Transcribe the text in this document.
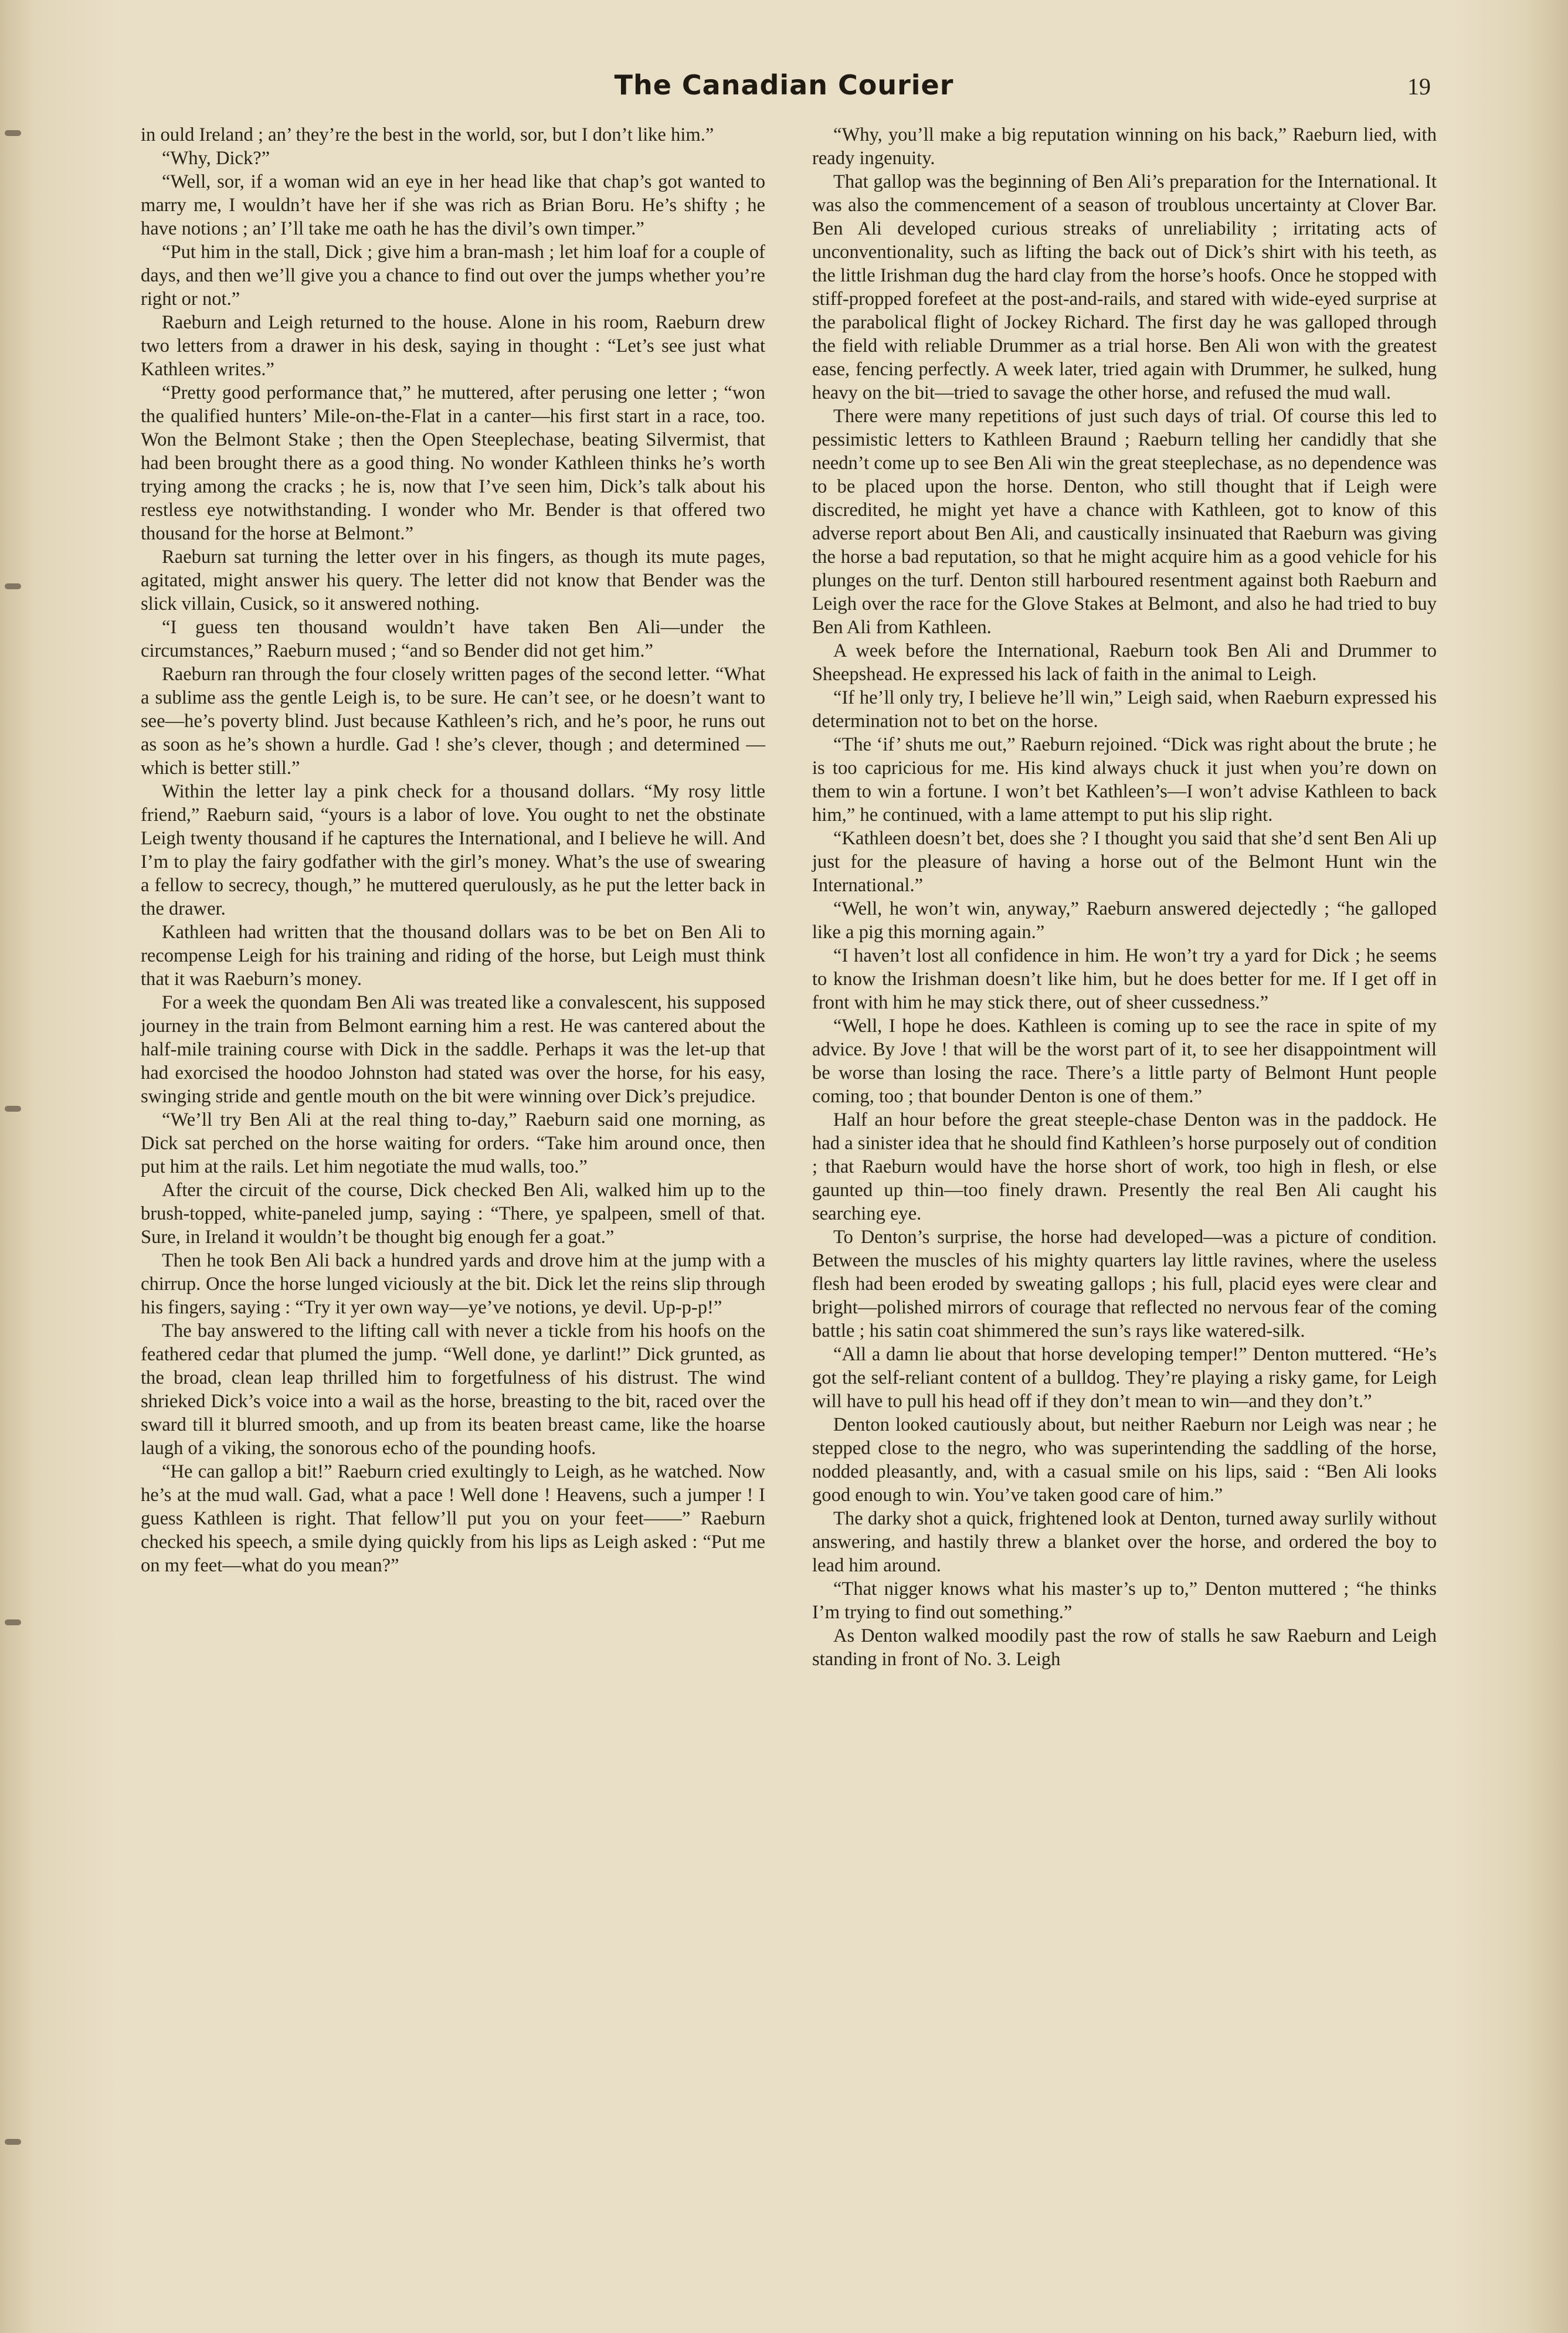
The Canadian Courier	19

in ould Ireland ; an’ they’re the best in the world, sor, but I don’t like him.”

“Why, Dick?”

“Well, sor, if a woman wid an eye in her head like that chap’s got wanted to marry me, I wouldn’t have her if she was rich as Brian Boru. He’s shifty ; he have notions ; an’ I’ll take me oath he has the divil’s own timper.”

“Put him in the stall, Dick ; give him a bran-mash ; let him loaf for a couple of days, and then we’ll give you a chance to find out over the jumps whether you’re right or not.”

Raeburn and Leigh returned to the house. Alone in his room, Raeburn drew two letters from a drawer in his desk, saying in thought : “Let’s see just what Kathleen writes.”

“Pretty good performance that,” he muttered, after perusing one letter ; “won the qualified hunters’ Mile-on-the-Flat in a canter—his first start in a race, too. Won the Belmont Stake ; then the Open Steeplechase, beating Silvermist, that had been brought there as a good thing. No wonder Kathleen thinks he’s worth trying among the cracks ; he is, now that I’ve seen him, Dick’s talk about his restless eye notwithstanding. I wonder who Mr. Bender is that offered two thousand for the horse at Belmont.”

Raeburn sat turning the letter over in his fingers, as though its mute pages, agitated, might answer his query. The letter did not know that Bender was the slick villain, Cusick, so it answered nothing.

“I guess ten thousand wouldn’t have taken Ben Ali—under the circumstances,” Raeburn mused ; “and so Bender did not get him.”

Raeburn ran through the four closely written pages of the second letter. “What a sublime ass the gentle Leigh is, to be sure. He can’t see, or he doesn’t want to see—he’s poverty blind. Just because Kathleen’s rich, and he’s poor, he runs out as soon as he’s shown a hurdle. Gad ! she’s clever, though ; and determined —which is better still.”

Within the letter lay a pink check for a thousand dollars. “My rosy little friend,” Raeburn said, “yours is a labor of love. You ought to net the obstinate Leigh twenty thousand if he captures the International, and I believe he will. And I’m to play the fairy godfather with the girl’s money. What’s the use of swearing a fellow to secrecy, though,” he muttered querulously, as he put the letter back in the drawer.

Kathleen had written that the thousand dollars was to be bet on Ben Ali to recompense Leigh for his training and riding of the horse, but Leigh must think that it was Raeburn’s money.

For a week the quondam Ben Ali was treated like a convalescent, his supposed journey in the train from Belmont earning him a rest. He was cantered about the half-mile training course with Dick in the saddle. Perhaps it was the let-up that had exorcised the hoodoo Johnston had stated was over the horse, for his easy, swinging stride and gentle mouth on the bit were winning over Dick’s prejudice.

“We’ll try Ben Ali at the real thing to-day,” Raeburn said one morning, as Dick sat perched on the horse waiting for orders. “Take him around once, then put him at the rails. Let him negotiate the mud walls, too.”

After the circuit of the course, Dick checked Ben Ali, walked him up to the brush-topped, white-paneled jump, saying : “There, ye spalpeen, smell of that. Sure, in Ireland it wouldn’t be thought big enough fer a goat.”

Then he took Ben Ali back a hundred yards and drove him at the jump with a chirrup. Once the horse lunged viciously at the bit. Dick let the reins slip through his fingers, saying : “Try it yer own way—ye’ve notions, ye devil. Up-p-p!”

The bay answered to the lifting call with never a tickle from his hoofs on the feathered cedar that plumed the jump. “Well done, ye darlint!” Dick grunted, as the broad, clean leap thrilled him to forgetfulness of his distrust. The wind shrieked Dick’s voice into a wail as the horse, breasting to the bit, raced over the sward till it blurred smooth, and up from its beaten breast came, like the hoarse laugh of a viking, the sonorous echo of the pounding hoofs.

“He can gallop a bit!” Raeburn cried exultingly to Leigh, as he watched. Now he’s at the mud wall. Gad, what a pace ! Well done ! Heavens, such a jumper ! I guess Kathleen is right. That fellow’ll put you on your feet——” Raeburn checked his speech, a smile dying quickly from his lips as Leigh asked : “Put me on my feet—what do you mean?”

“Why, you’ll make a big reputation winning on his back,” Raeburn lied, with ready ingenuity.

That gallop was the beginning of Ben Ali’s preparation for the International. It was also the commencement of a season of troublous uncertainty at Clover Bar. Ben Ali developed curious streaks of unreliability ; irritating acts of unconventionality, such as lifting the back out of Dick’s shirt with his teeth, as the little Irishman dug the hard clay from the horse’s hoofs. Once he stopped with stiff-propped forefeet at the post-and-rails, and stared with wide-eyed surprise at the parabolical flight of Jockey Richard. The first day he was galloped through the field with reliable Drummer as a trial horse. Ben Ali won with the greatest ease, fencing perfectly. A week later, tried again with Drummer, he sulked, hung heavy on the bit—tried to savage the other horse, and refused the mud wall.

There were many repetitions of just such days of trial. Of course this led to pessimistic letters to Kathleen Braund ; Raeburn telling her candidly that she needn’t come up to see Ben Ali win the great steeplechase, as no dependence was to be placed upon the horse. Denton, who still thought that if Leigh were discredited, he might yet have a chance with Kathleen, got to know of this adverse report about Ben Ali, and caustically insinuated that Raeburn was giving the horse a bad reputation, so that he might acquire him as a good vehicle for his plunges on the turf. Denton still harboured resentment against both Raeburn and Leigh over the race for the Glove Stakes at Belmont, and also he had tried to buy Ben Ali from Kathleen.

A week before the International, Raeburn took Ben Ali and Drummer to Sheepshead. He expressed his lack of faith in the animal to Leigh.

“If he’ll only try, I believe he’ll win,” Leigh said, when Raeburn expressed his determination not to bet on the horse.

“The ‘if’ shuts me out,” Raeburn rejoined. “Dick was right about the brute ; he is too capricious for me. His kind always chuck it just when you’re down on them to win a fortune. I won’t bet Kathleen’s—I won’t advise Kathleen to back him,” he continued, with a lame attempt to put his slip right.

“Kathleen doesn’t bet, does she ? I thought you said that she’d sent Ben Ali up just for the pleasure of having a horse out of the Belmont Hunt win the International.”

“Well, he won’t win, anyway,” Raeburn answered dejectedly ; “he galloped like a pig this morning again.”

“I haven’t lost all confidence in him. He won’t try a yard for Dick ; he seems to know the Irishman doesn’t like him, but he does better for me. If I get off in front with him he may stick there, out of sheer cussedness.”

“Well, I hope he does. Kathleen is coming up to see the race in spite of my advice. By Jove ! that will be the worst part of it, to see her disappointment will be worse than losing the race. There’s a little party of Belmont Hunt people coming, too ; that bounder Denton is one of them.”

Half an hour before the great steeple-chase Denton was in the paddock. He had a sinister idea that he should find Kathleen’s horse purposely out of condition ; that Raeburn would have the horse short of work, too high in flesh, or else gaunted up thin—too finely drawn. Presently the real Ben Ali caught his searching eye.

To Denton’s surprise, the horse had developed—was a picture of condition. Between the muscles of his mighty quarters lay little ravines, where the useless flesh had been eroded by sweating gallops ; his full, placid eyes were clear and bright—polished mirrors of courage that reflected no nervous fear of the coming battle ; his satin coat shimmered the sun’s rays like watered-silk.

“All a damn lie about that horse developing temper!” Denton muttered. “He’s got the self-reliant content of a bulldog. They’re playing a risky game, for Leigh will have to pull his head off if they don’t mean to win—and they don’t.”

Denton looked cautiously about, but neither Raeburn nor Leigh was near ; he stepped close to the negro, who was superintending the saddling of the horse, nodded pleasantly, and, with a casual smile on his lips, said : “Ben Ali looks good enough to win. You’ve taken good care of him.”

The darky shot a quick, frightened look at Denton, turned away surlily without answering, and hastily threw a blanket over the horse, and ordered the boy to lead him around.

“That nigger knows what his master’s up to,” Denton muttered ; “he thinks I’m trying to find out something.”

As Denton walked moodily past the row of stalls he saw Raeburn and Leigh standing in front of No. 3. Leigh
